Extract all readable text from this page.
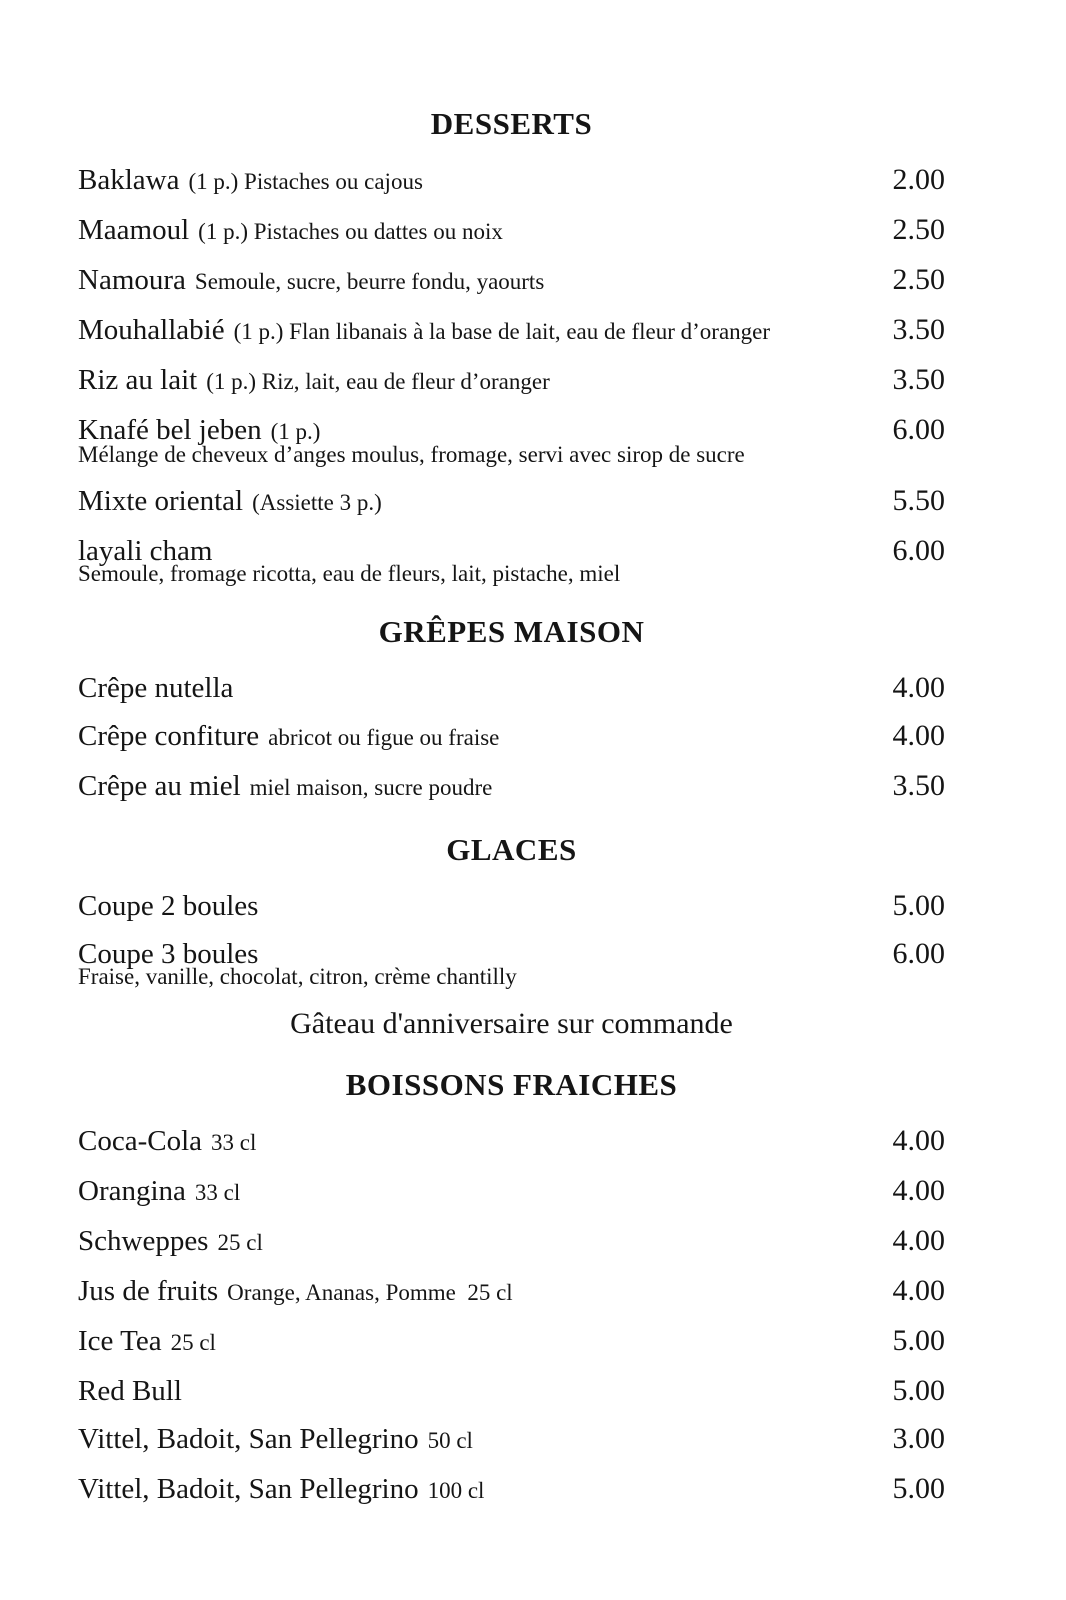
DESSERTS
Baklawa (1 p.) Pistaches ou cajous	2.00
Maamoul (1 p.) Pistaches ou dattes ou noix	2.50
Namoura Semoule, sucre, beurre fondu, yaourts	2.50
Mouhallabié (1 p.) Flan libanais à la base de lait, eau de fleur d’oranger	3.50
Riz au lait (1 p.) Riz, lait, eau de fleur d’oranger	3.50
Knafé bel jeben (1 p.)	6.00
Mélange de cheveux d’anges moulus, fromage, servi avec sirop de sucre
Mixte oriental (Assiette 3 p.)	5.50
layali cham	6.00
Semoule, fromage ricotta, eau de fleurs, lait, pistache, miel
GRÊPES MAISON
Crêpe nutella	4.00
Crêpe confiture abricot ou figue ou fraise	4.00
Crêpe au miel miel maison, sucre poudre	3.50
GLACES
Coupe 2 boules	5.00
Coupe 3 boules	6.00
Fraise, vanille, chocolat, citron, crème chantilly
Gâteau d'anniversaire sur commande
BOISSONS FRAICHES
Coca-Cola 33 cl	4.00
Orangina 33 cl	4.00
Schweppes 25 cl	4.00
Jus de fruits Orange, Ananas, Pomme  25 cl	4.00
Ice Tea 25 cl	5.00
Red Bull	5.00
Vittel, Badoit, San Pellegrino 50 cl	3.00
Vittel, Badoit, San Pellegrino 100 cl	5.00
